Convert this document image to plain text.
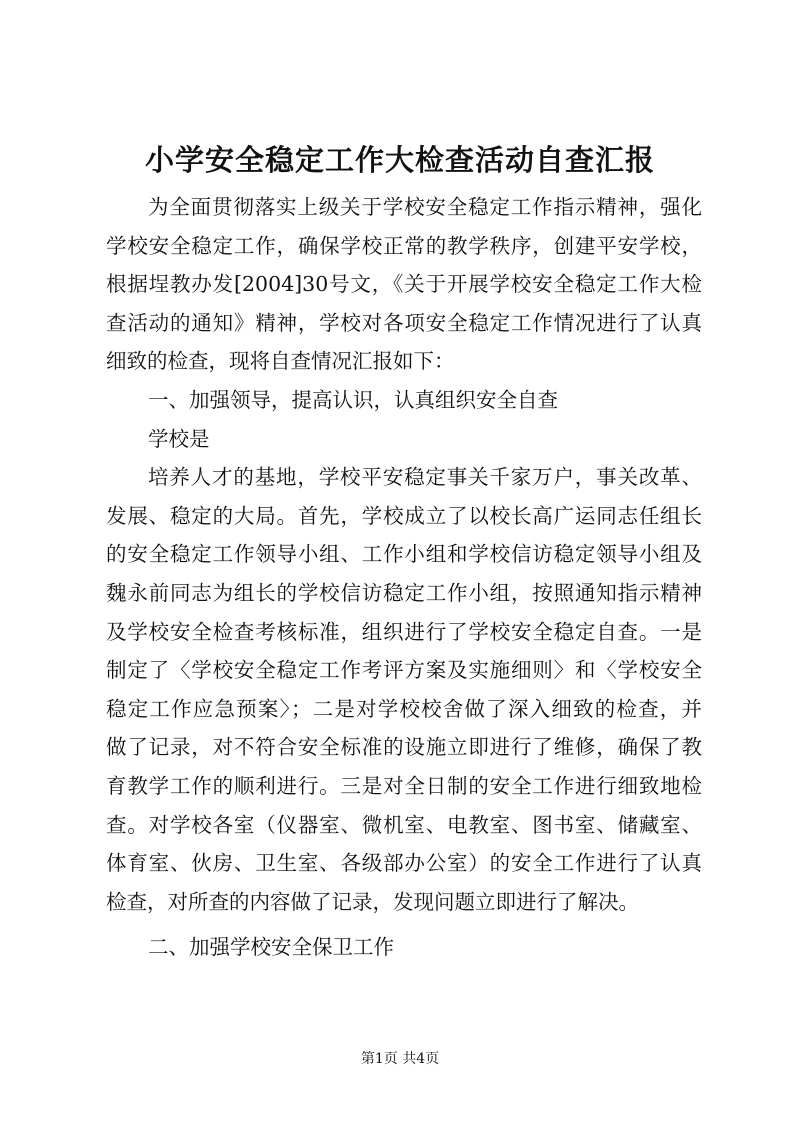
小学安全稳定工作大检查活动自查汇报
为全面贯彻落实上级关于学校安全稳定工作指示精神，强化
学校安全稳定工作，确保学校正常的教学秩序，创建平安学校，
根据埕教办发[2004]30号文，《关于开展学校安全稳定工作大检
查活动的通知》精神，学校对各项安全稳定工作情况进行了认真
细致的检查，现将自查情况汇报如下：
一、加强领导，提高认识，认真组织安全自查
学校是
培养人才的基地，学校平安稳定事关千家万户，事关改革、
发展、稳定的大局。首先，学校成立了以校长高广运同志任组长
的安全稳定工作领导小组、工作小组和学校信访稳定领导小组及
魏永前同志为组长的学校信访稳定工作小组，按照通知指示精神
及学校安全检查考核标准，组织进行了学校安全稳定自查。一是
制定了〈学校安全稳定工作考评方案及实施细则〉和〈学校安全
稳定工作应急预案〉；二是对学校校舍做了深入细致的检查，并
做了记录，对不符合安全标准的设施立即进行了维修，确保了教
育教学工作的顺利进行。三是对全日制的安全工作进行细致地检
查。对学校各室（仪器室、微机室、电教室、图书室、储藏室、
体育室、伙房、卫生室、各级部办公室）的安全工作进行了认真
检查，对所查的内容做了记录，发现问题立即进行了解决。
二、加强学校安全保卫工作
第1页 共4页
